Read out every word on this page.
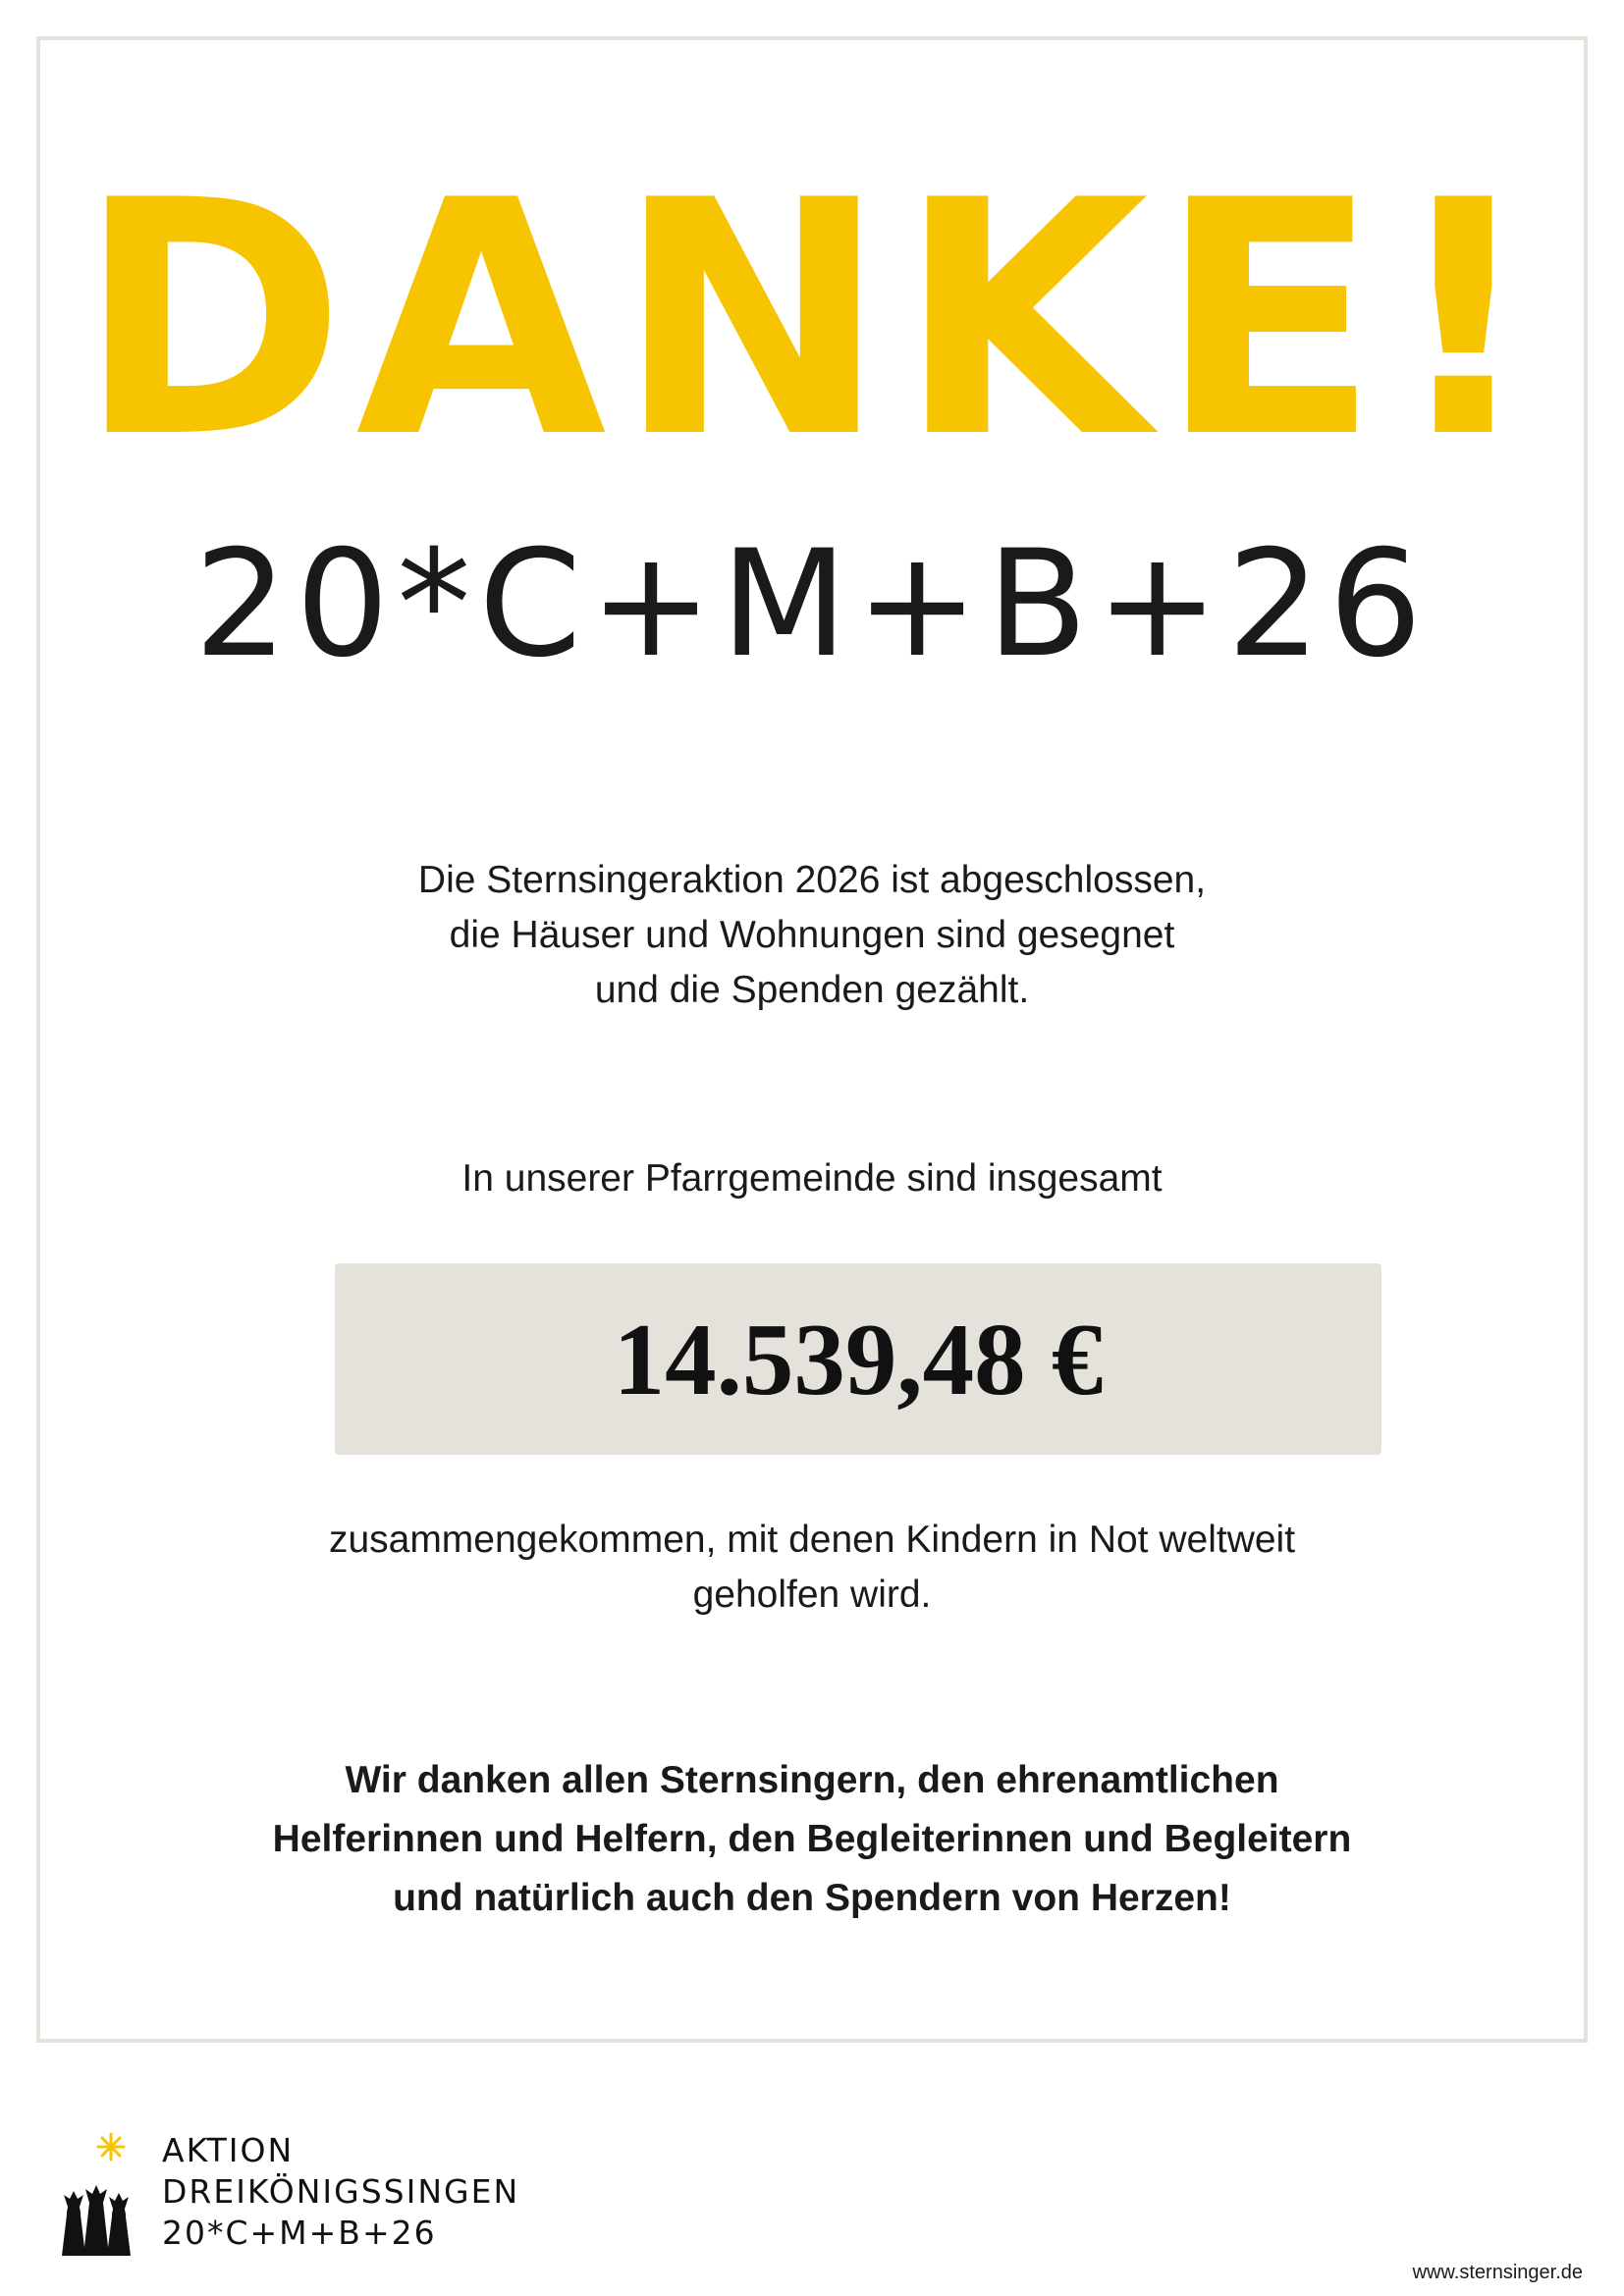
DANKE!
20*C+M+B+26
Die Sternsingeraktion 2026 ist abgeschlossen,
die Häuser und Wohnungen sind gesegnet
und die Spenden gezählt.
In unserer Pfarrgemeinde sind insgesamt
14.539,48 €
zusammengekommen, mit denen Kindern in Not weltweit
geholfen wird.
Wir danken allen Sternsingern, den ehrenamtlichen
Helferinnen und Helfern, den Begleiterinnen und Begleitern
und natürlich auch den Spendern von Herzen!
AKTION
DREIKÖNIGSSINGEN
20*C+M+B+26
www.sternsinger.de
